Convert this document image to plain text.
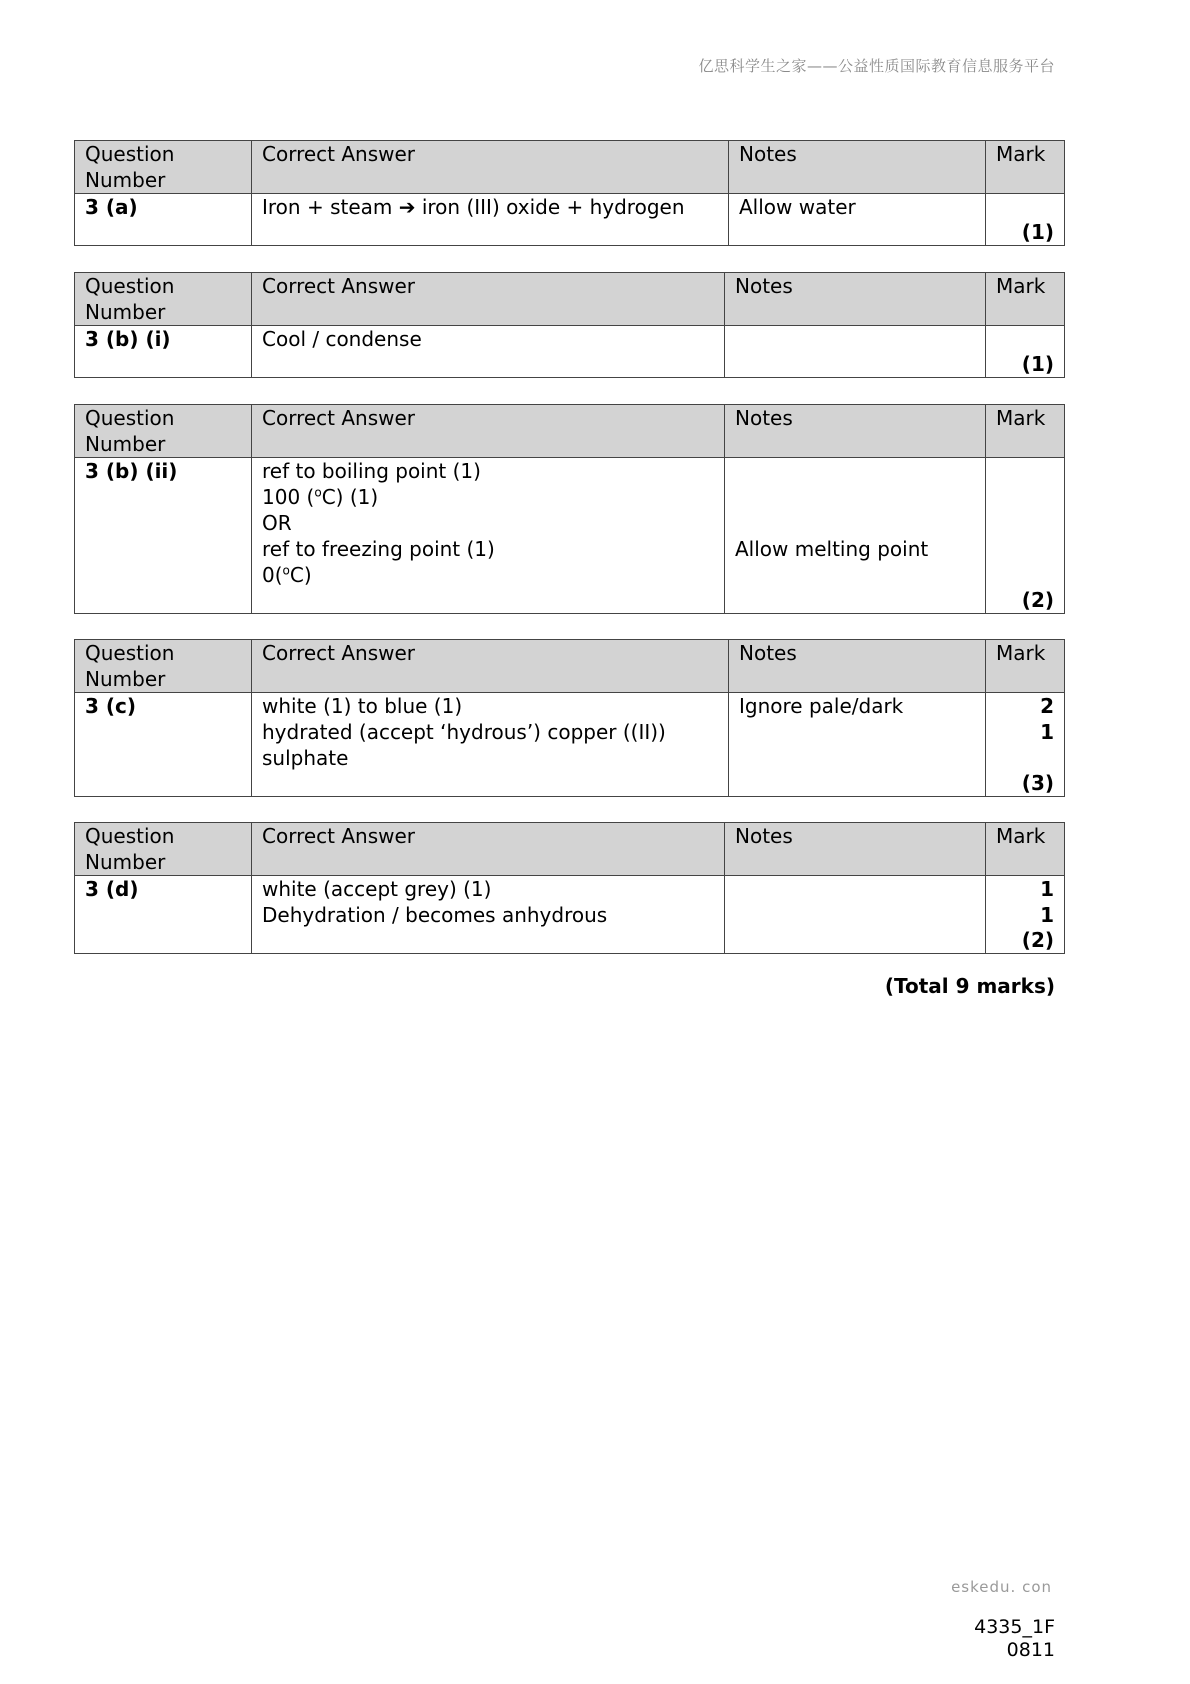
亿思科学生之家——公益性质国际教育信息服务平台
Question Number	Correct Answer	Notes	Mark
3 (a)	Iron + steam ➔ iron (III) oxide + hydrogen	Allow water	(1)
Question Number	Correct Answer	Notes	Mark
3 (b) (i)	Cool / condense		(1)
Question Number	Correct Answer	Notes	Mark
3 (b) (ii)	ref to boiling point (1)
100 ($^o$C) (1)
OR
ref to freezing point (1)
0($^o$C)	Allow melting point	(2)
Question Number	Correct Answer	Notes	Mark
3 (c)	white (1) to blue (1)
hydrated (accept ‘hydrous’) copper ((II))
sulphate	Ignore pale/dark	2
1
(3)
Question Number	Correct Answer	Notes	Mark
3 (d)	white (accept grey) (1)
Dehydration / becomes anhydrous		1
1
(2)
(Total 9 marks)
eskedu. con
4335_1F
0811
